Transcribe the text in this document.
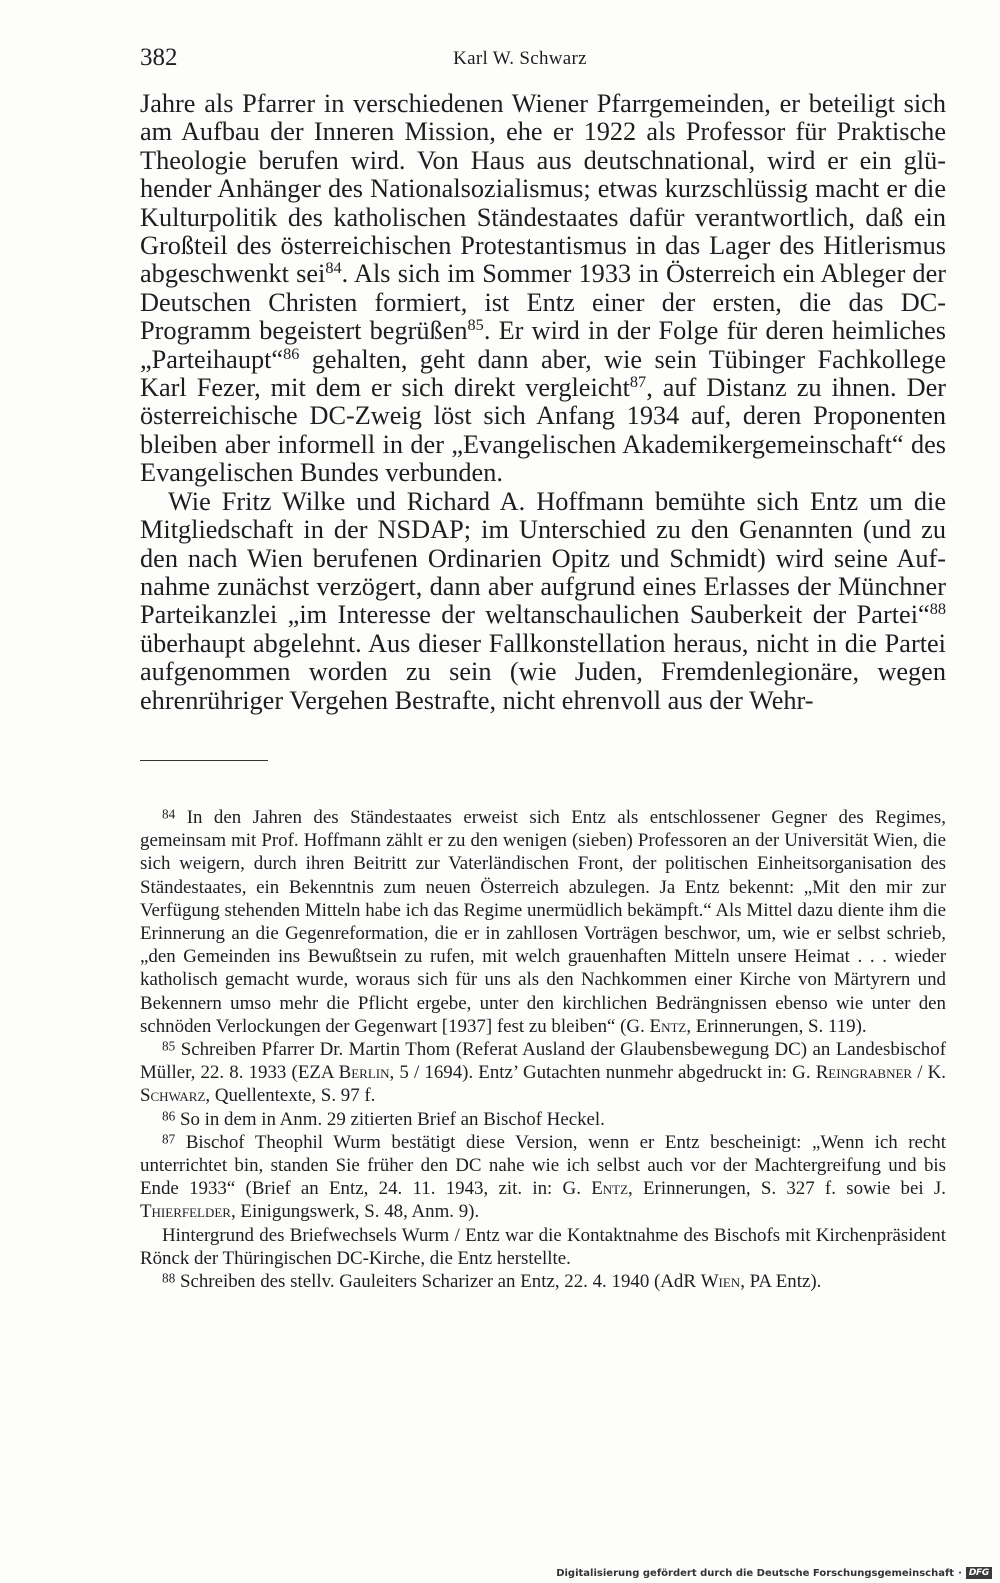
382	Karl W. Schwarz

Jahre als Pfarrer in verschiedenen Wiener Pfarrgemeinden, er beteiligt sich am Aufbau der Inneren Mission, ehe er 1922 als Professor für Praktische Theologie berufen wird. Von Haus aus deutschnational, wird er ein glühender Anhänger des Nationalsozialismus; etwas kurzschlüssig macht er die Kulturpolitik des katholischen Ständestaates dafür verantwortlich, daß ein Großteil des österreichischen Protestantismus in das Lager des Hitlerismus abgeschwenkt sei$^{84}$. Als sich im Sommer 1933 in Österreich ein Ableger der Deutschen Christen formiert, ist Entz einer der ersten, die das DC-Programm begeistert begrüßen$^{85}$. Er wird in der Folge für deren heimliches „Parteihaupt“$^{86}$ gehalten, geht dann aber, wie sein Tübinger Fachkollege Karl Fezer, mit dem er sich direkt vergleicht$^{87}$, auf Distanz zu ihnen. Der österreichische DC-Zweig löst sich Anfang 1934 auf, deren Proponenten bleiben aber informell in der „Evangelischen Akademikergemeinschaft“ des Evangelischen Bundes verbunden.

Wie Fritz Wilke und Richard A. Hoffmann bemühte sich Entz um die Mitgliedschaft in der NSDAP; im Unterschied zu den Genannten (und zu den nach Wien berufenen Ordinarien Opitz und Schmidt) wird seine Aufnahme zunächst verzögert, dann aber aufgrund eines Erlasses der Münchner Parteikanzlei „im Interesse der weltanschaulichen Sauberkeit der Partei“$^{88}$ überhaupt abgelehnt. Aus dieser Fallkonstellation heraus, nicht in die Partei aufgenommen worden zu sein (wie Juden, Fremdenlegionäre, wegen ehrenrühriger Vergehen Bestrafte, nicht ehrenvoll aus der Wehr-

$^{84}$ In den Jahren des Ständestaates erweist sich Entz als entschlossener Gegner des Regimes, gemeinsam mit Prof. Hoffmann zählt er zu den wenigen (sieben) Professoren an der Universität Wien, die sich weigern, durch ihren Beitritt zur Vaterländischen Front, der politischen Einheitsorganisation des Ständestaates, ein Bekenntnis zum neuen Österreich abzulegen. Ja Entz bekennt: „Mit den mir zur Verfügung stehenden Mitteln habe ich das Regime unermüdlich bekämpft.“ Als Mittel dazu diente ihm die Erinnerung an die Gegenreformation, die er in zahllosen Vorträgen beschwor, um, wie er selbst schrieb, „den Gemeinden ins Bewußtsein zu rufen, mit welch grauenhaften Mitteln unsere Heimat . . . wieder katholisch gemacht wurde, woraus sich für uns als den Nachkommen einer Kirche von Märtyrern und Bekennern umso mehr die Pflicht ergebe, unter den kirchlichen Bedrängnissen ebenso wie unter den schnöden Verlockungen der Gegenwart [1937] fest zu bleiben“ (G. Entz, Erinnerungen, S. 119).

$^{85}$ Schreiben Pfarrer Dr. Martin Thom (Referat Ausland der Glaubensbewegung DC) an Landesbischof Müller, 22. 8. 1933 (EZA Berlin, 5 / 1694). Entz’ Gutachten nunmehr abgedruckt in: G. Reingrabner / K. Schwarz, Quellentexte, S. 97 f.

$^{86}$ So in dem in Anm. 29 zitierten Brief an Bischof Heckel.

$^{87}$ Bischof Theophil Wurm bestätigt diese Version, wenn er Entz bescheinigt: „Wenn ich recht unterrichtet bin, standen Sie früher den DC nahe wie ich selbst auch vor der Machtergreifung und bis Ende 1933“ (Brief an Entz, 24. 11. 1943, zit. in: G. Entz, Erinnerungen, S. 327 f. sowie bei J. Thierfelder, Einigungswerk, S. 48, Anm. 9).

Hintergrund des Briefwechsels Wurm / Entz war die Kontaktnahme des Bischofs mit Kirchenpräsident Rönck der Thüringischen DC-Kirche, die Entz herstellte.

$^{88}$ Schreiben des stellv. Gauleiters Scharizer an Entz, 22. 4. 1940 (AdR Wien, PA Entz).

Digitalisierung gefördert durch die Deutsche Forschungsgemeinschaft · DFG
